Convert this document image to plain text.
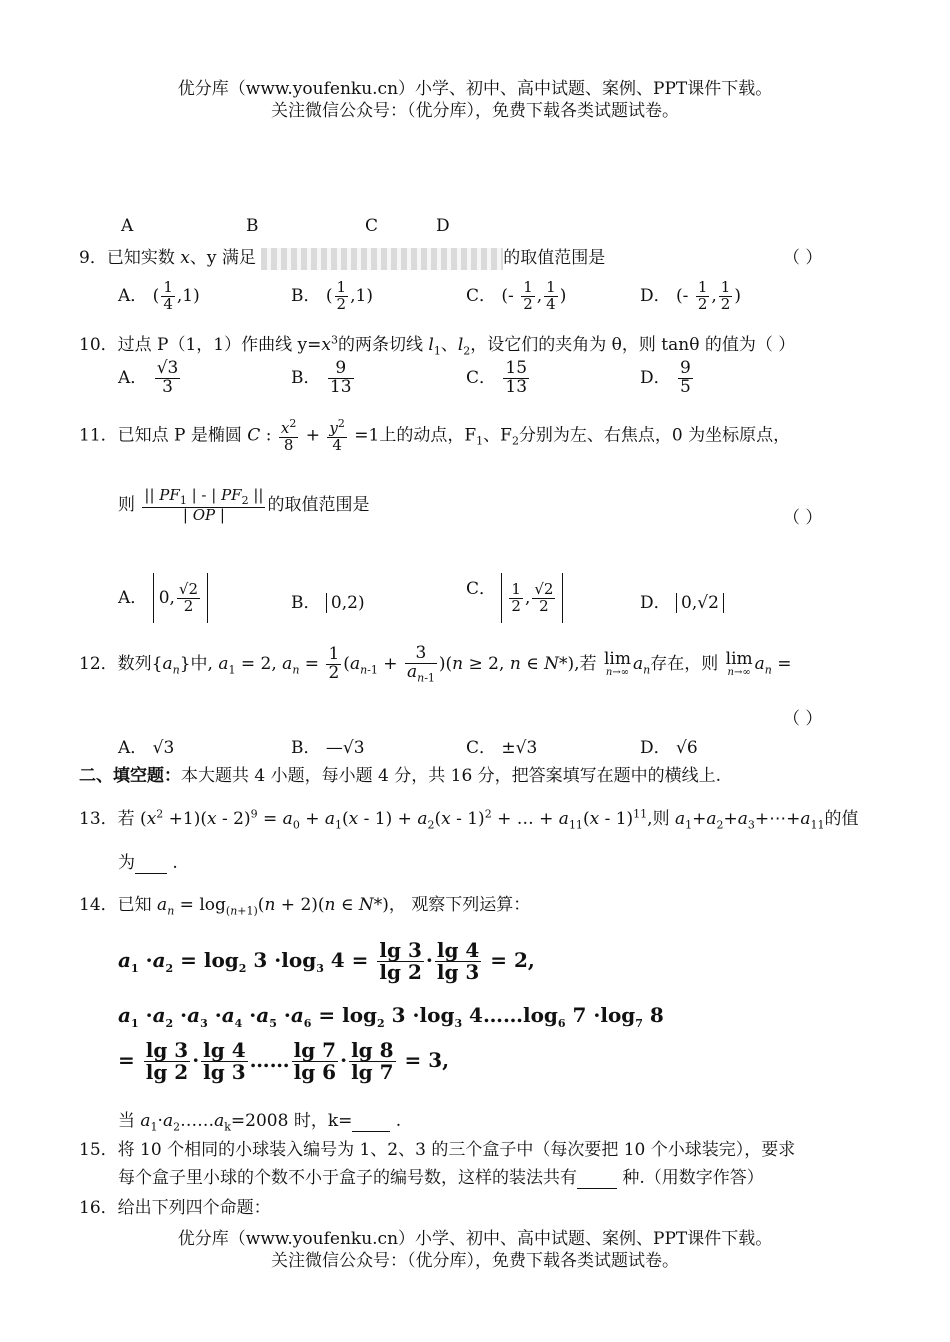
优分库（www.youfenku.cn）小学、初中、高中试题、案例、PPT课件下载。
关注微信公众号：（优分库），免费下载各类试题试卷。
A	B	C	D
9．已知实数 x、y 满足	的取值范围是	（ ）
A． ( $\frac{1}{4} ,1$)	B． ( $\frac{1}{2} ,1$)	C． (- $\frac{1}{2}$ , $\frac{1}{4}$ )	D． (- $\frac{1}{2}$ , $\frac{1}{2}$ )
10．过点 P（1，1）作曲线 $y=x^3$的两条切线 $l_1$、$l_2$，设它们的夹角为 θ，则 tanθ 的值为（ ）
A． $\frac{√3}{3}$	B． $\frac{9}{13}$	C． $\frac{15}{13}$	D． $\frac{9}{5}$
11．已知点 P 是椭圆 C : $\frac{x^2}{8} + \frac{y^2}{4} =1$上的动点，$F_1$、$F_2$分别为左、右焦点，0 为坐标原点，
则 $\frac{|| PF_1 | - | PF_2 ||}{| OP |}$ 的取值范围是
（ ）
A． 0, $\frac{√2}{2}$	B． 0,2)
C． $\frac{1}{2}$ , $\frac{√2}{2}$	D． 0,√2
12．数列$\{a_n\}$中, $a_1 = 2$, $a_n = \frac{1}{2} (a_{n-1} + \frac{3}{a_{n-1}} )(n \ge 2$, n ∈ N*),若 lim
n→∞ $a_n$存在，则 lim
n→∞ $a_n$ =
（ ）
A． √3	B． —√3	C． ±√3	D． √6
二、填空题：本大题共 4 小题，每小题 4 分，共 16 分，把答案填写在题中的横线上.
13．若 $(x^2 +1)(x - 2)^9 = a_0 + a_1(x - 1) + a_2(x - 1)^2$ + … + $a_{11}(x - 1)^{11}$,则 $a_1+a_2+a_3+\cdots+a_{11}$的值
为 .
14．已知 $a_n = \log_{(n+1)}(n + 2)(n$ ∈ N*)， 观察下列运算：
$a_1 \cdot a_2 = \log_2 3 \cdot\log_3$ $4 = \frac{\lg 3}{\lg 2} \cdot \frac{\lg 4}{\lg 3} = 2$,
$a_1 \cdot a_2 \cdot a_3 \cdot a_4 \cdot a_5 \cdot a_6 = \log_2 3 \cdot\log_3$ $4\dots\dots\log_6$ $7 \cdot\log_7$ 8
= $\frac{\lg 3}{\lg 2} \cdot \frac{\lg 4}{\lg 3}$ …… $\frac{\lg 7}{\lg 6} \cdot \frac{\lg 8}{\lg 7} = 3$,
当 $a_1\cdot a_2\dots\dots a_k=2008$ 时，k=	.
15．将 10 个相同的小球装入编号为 1、2、3 的三个盒子中（每次要把 10 个小球装完），要求
每个盒子里小球的个数不小于盒子的编号数，这样的装法共有	种.（用数字作答）
16．给出下列四个命题：
优分库（www.youfenku.cn）小学、初中、高中试题、案例、PPT课件下载。
关注微信公众号：（优分库），免费下载各类试题试卷。
